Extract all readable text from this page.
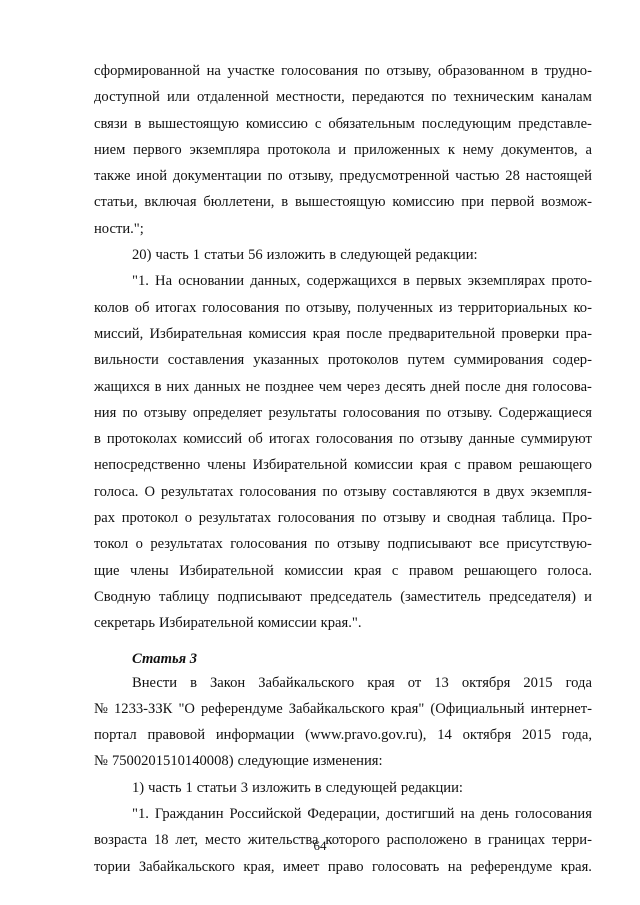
сформированной на участке голосования по отзыву, образованном в трудно-
доступной или отдаленной местности, передаются по техническим каналам
связи в вышестоящую комиссию с обязательным последующим представле-
нием первого экземпляра протокола и приложенных к нему документов, а
также иной документации по отзыву, предусмотренной частью 28 настоящей
статьи, включая бюллетени, в вышестоящую комиссию при первой возмож-
ности.";
20) часть 1 статьи 56 изложить в следующей редакции:
"1. На основании данных, содержащихся в первых экземплярах прото-
колов об итогах голосования по отзыву, полученных из территориальных ко-
миссий, Избирательная комиссия края после предварительной проверки пра-
вильности составления указанных протоколов путем суммирования содер-
жащихся в них данных не позднее чем через десять дней после дня голосова-
ния по отзыву определяет результаты голосования по отзыву. Содержащиеся
в протоколах комиссий об итогах голосования по отзыву данные суммируют
непосредственно члены Избирательной комиссии края с правом решающего
голоса. О результатах голосования по отзыву составляются в двух экземпля-
рах протокол о результатах голосования по отзыву и сводная таблица. Про-
токол о результатах голосования по отзыву подписывают все присутствую-
щие члены Избирательной комиссии края с правом решающего голоса.
Сводную таблицу подписывают председатель (заместитель председателя) и
секретарь Избирательной комиссии края.".
Статья 3
Внести в Закон Забайкальского края от 13 октября 2015 года
№ 1233-ЗЗК "О референдуме Забайкальского края" (Официальный интернет-
портал правовой информации (www.pravo.gov.ru), 14 октября 2015 года,
№ 7500201510140008) следующие изменения:
1) часть 1 статьи 3 изложить в следующей редакции:
"1. Гражданин Российской Федерации, достигший на день голосования
возраста 18 лет, место жительства которого расположено в границах терри-
тории Забайкальского края, имеет право голосовать на референдуме края.
64
